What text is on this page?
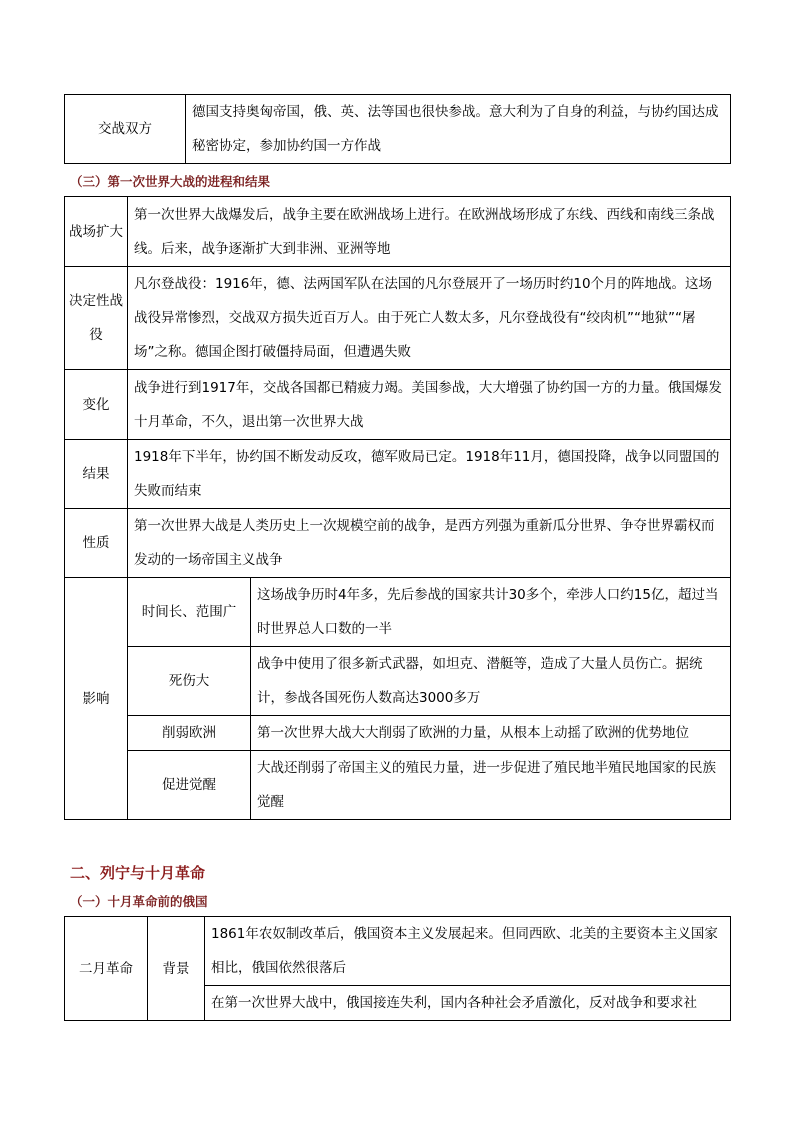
交战双方	德国支持奥匈帝国，俄、英、法等国也很快参战。意大利为了自身的利益，与协约国达成秘密协定，参加协约国一方作战
（三）第一次世界大战的进程和结果
战场扩大	第一次世界大战爆发后，战争主要在欧洲战场上进行。在欧洲战场形成了东线、西线和南线三条战线。后来，战争逐渐扩大到非洲、亚洲等地	
决定性战役	凡尔登战役：1916年，德、法两国军队在法国的凡尔登展开了一场历时约10个月的阵地战。这场战役异常惨烈，交战双方损失近百万人。由于死亡人数太多，凡尔登战役有“绞肉机”“地狱”“屠场”之称。德国企图打破僵持局面，但遭遇失败	
变化	战争进行到1917年，交战各国都已精疲力竭。美国参战，大大增强了协约国一方的力量。俄国爆发十月革命，不久，退出第一次世界大战	
结果	1918年下半年，协约国不断发动反攻，德军败局已定。1918年11月，德国投降，战争以同盟国的失败而结束	
性质	第一次世界大战是人类历史上一次规模空前的战争，是西方列强为重新瓜分世界、争夺世界霸权而发动的一场帝国主义战争	
影响	时间长、范围广	这场战争历时4年多，先后参战的国家共计30多个，牵涉人口约15亿，超过当时世界总人口数的一半
	死伤大	战争中使用了很多新式武器，如坦克、潜艇等，造成了大量人员伤亡。据统计，参战各国死伤人数高达3000多万
	削弱欧洲	第一次世界大战大大削弱了欧洲的力量，从根本上动摇了欧洲的优势地位
	促进觉醒	大战还削弱了帝国主义的殖民力量，进一步促进了殖民地半殖民地国家的民族觉醒
二、列宁与十月革命
（一）十月革命前的俄国
二月革命	背景	1861年农奴制改革后，俄国资本主义发展起来。但同西欧、北美的主要资本主义国家相比，俄国依然很落后
在第一次世界大战中，俄国接连失利，国内各种社会矛盾激化，反对战争和要求社
